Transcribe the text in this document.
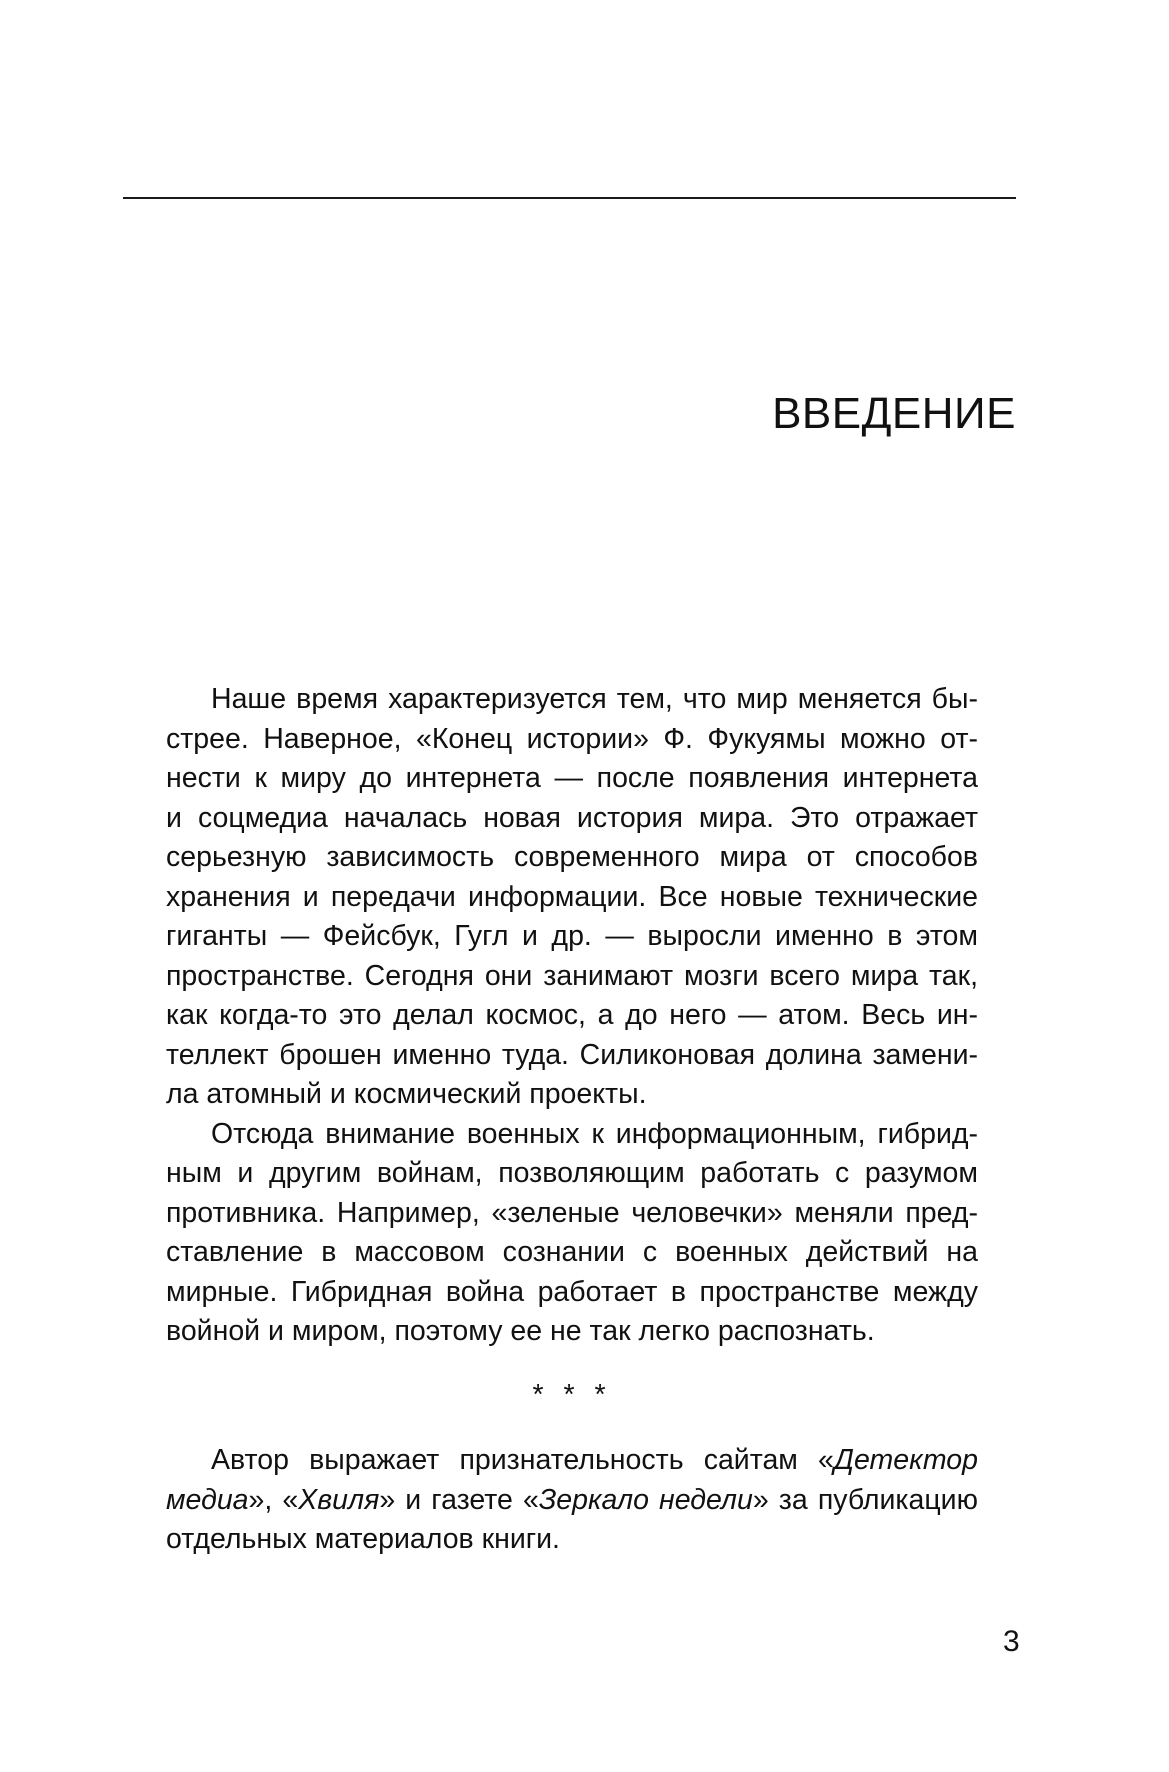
ВВЕДЕНИЕ
Наше время характеризуется тем, что мир меняется бы-
стрее. Наверное, «Конец истории» Ф. Фукуямы можно от-
нести к миру до интернета — после появления интернета
и соцмедиа началась новая история мира. Это отражает
серьезную зависимость современного мира от способов
хранения и передачи информации. Все новые технические
гиганты — Фейсбук, Гугл и др. — выросли именно в этом
пространстве. Сегодня они занимают мозги всего мира так,
как когда-то это делал космос, а до него — атом. Весь ин-
теллект брошен именно туда. Силиконовая долина замени-
ла атомный и космический проекты.
Отсюда внимание военных к информационным, гибрид-
ным и другим войнам, позволяющим работать с разумом
противника. Например, «зеленые человечки» меняли пред-
ставление в массовом сознании с военных действий на
мирные. Гибридная война работает в пространстве между
войной и миром, поэтому ее не так легко распознать.
* * *
Автор выражает признательность сайтам «Детектор
медиа», «Хвиля» и газете «Зеркало недели» за публикацию
отдельных материалов книги.
3
